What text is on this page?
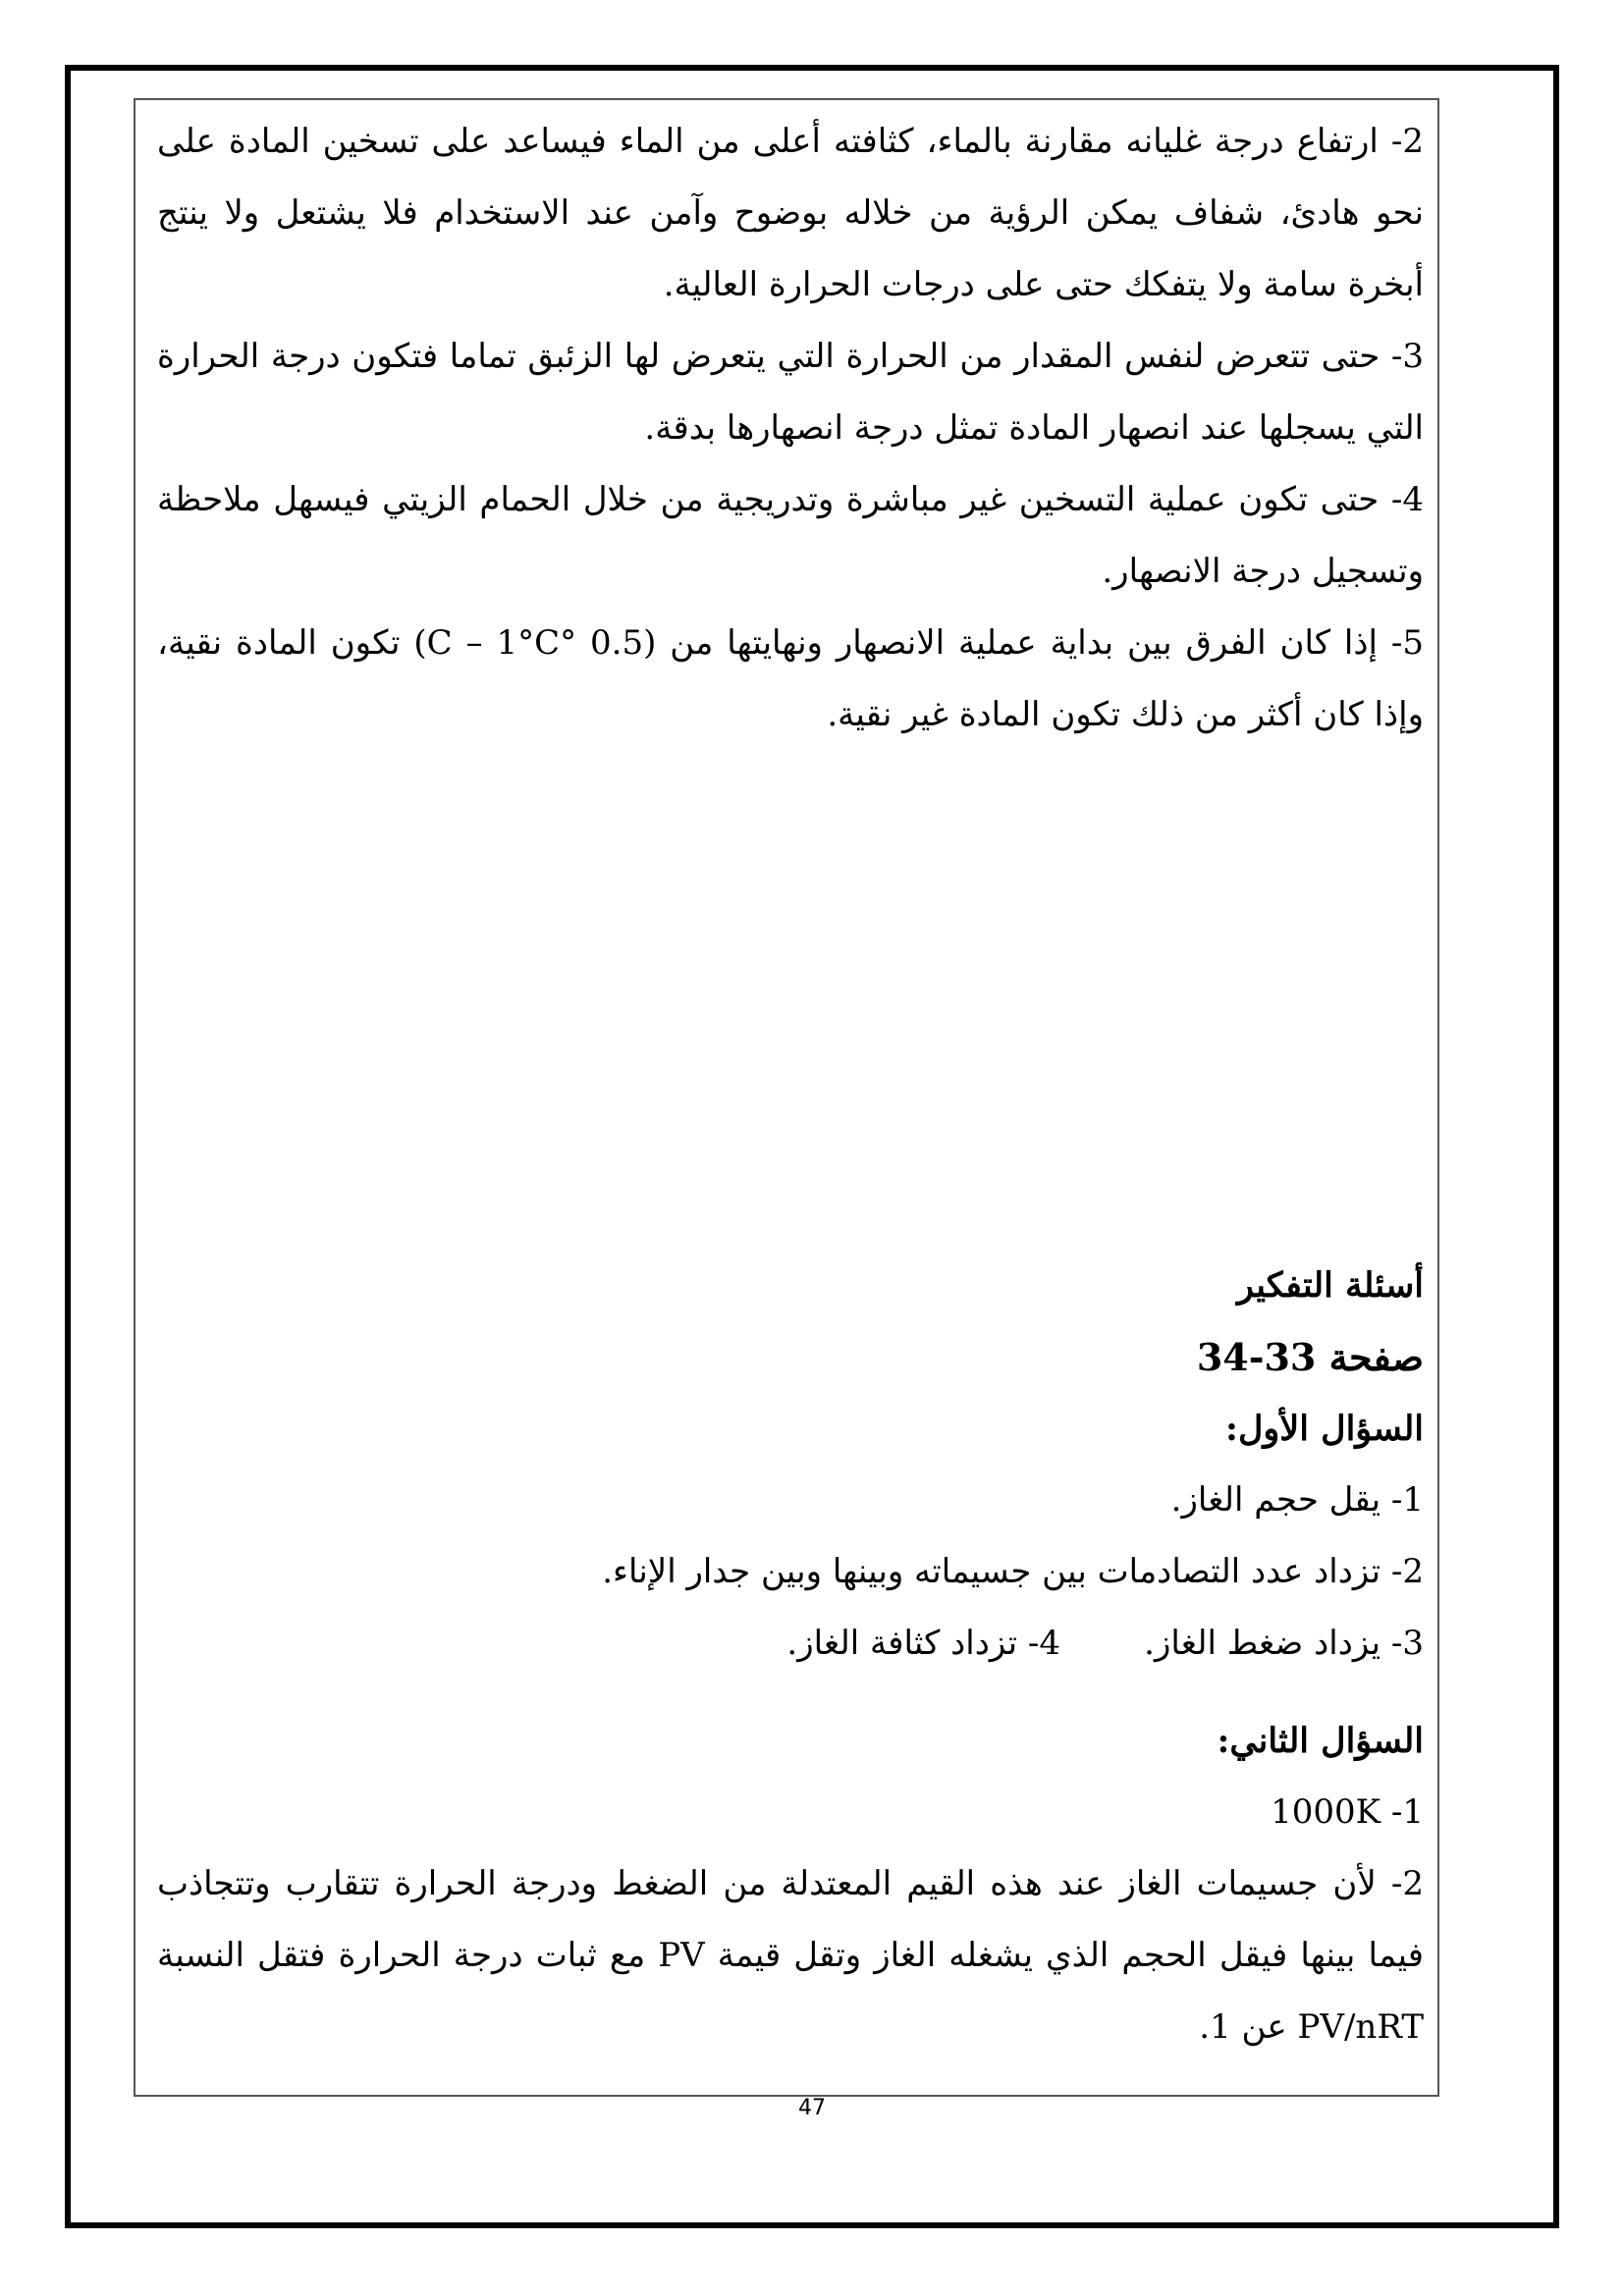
2- ارتفاع درجة غليانه مقارنة بالماء، كثافته أعلى من الماء فيساعد على تسخين المادة على نحو هادئ، شفاف يمكن الرؤية من خلاله بوضوح وآمن عند الاستخدام فلا يشتعل ولا ينتج أبخرة سامة ولا يتفكك حتى على درجات الحرارة العالية.

3- حتى تتعرض لنفس المقدار من الحرارة التي يتعرض لها الزئبق تماما فتكون درجة الحرارة التي يسجلها عند انصهار المادة تمثل درجة انصهارها بدقة.

4- حتى تكون عملية التسخين غير مباشرة وتدريجية من خلال الحمام الزيتي فيسهل ملاحظة وتسجيل درجة الانصهار.

5- إذا كان الفرق بين بداية عملية الانصهار ونهايتها من (0.5 °C – 1°C) تكون المادة نقية، وإذا كان أكثر من ذلك تكون المادة غير نقية.

أسئلة التفكير

صفحة 33-34

السؤال الأول:

1- يقل حجم الغاز.

2- تزداد عدد التصادمات بين جسيماته وبينها وبين جدار الإناء.

3- يزداد ضغط الغاز.
4- تزداد كثافة الغاز.

السؤال الثاني:

1- 1000K

2- لأن جسيمات الغاز عند هذه القيم المعتدلة من الضغط ودرجة الحرارة تتقارب وتتجاذب فيما بينها فيقل الحجم الذي يشغله الغاز وتقل قيمة PV مع ثبات درجة الحرارة فتقل النسبة PV/nRT عن 1.

47
